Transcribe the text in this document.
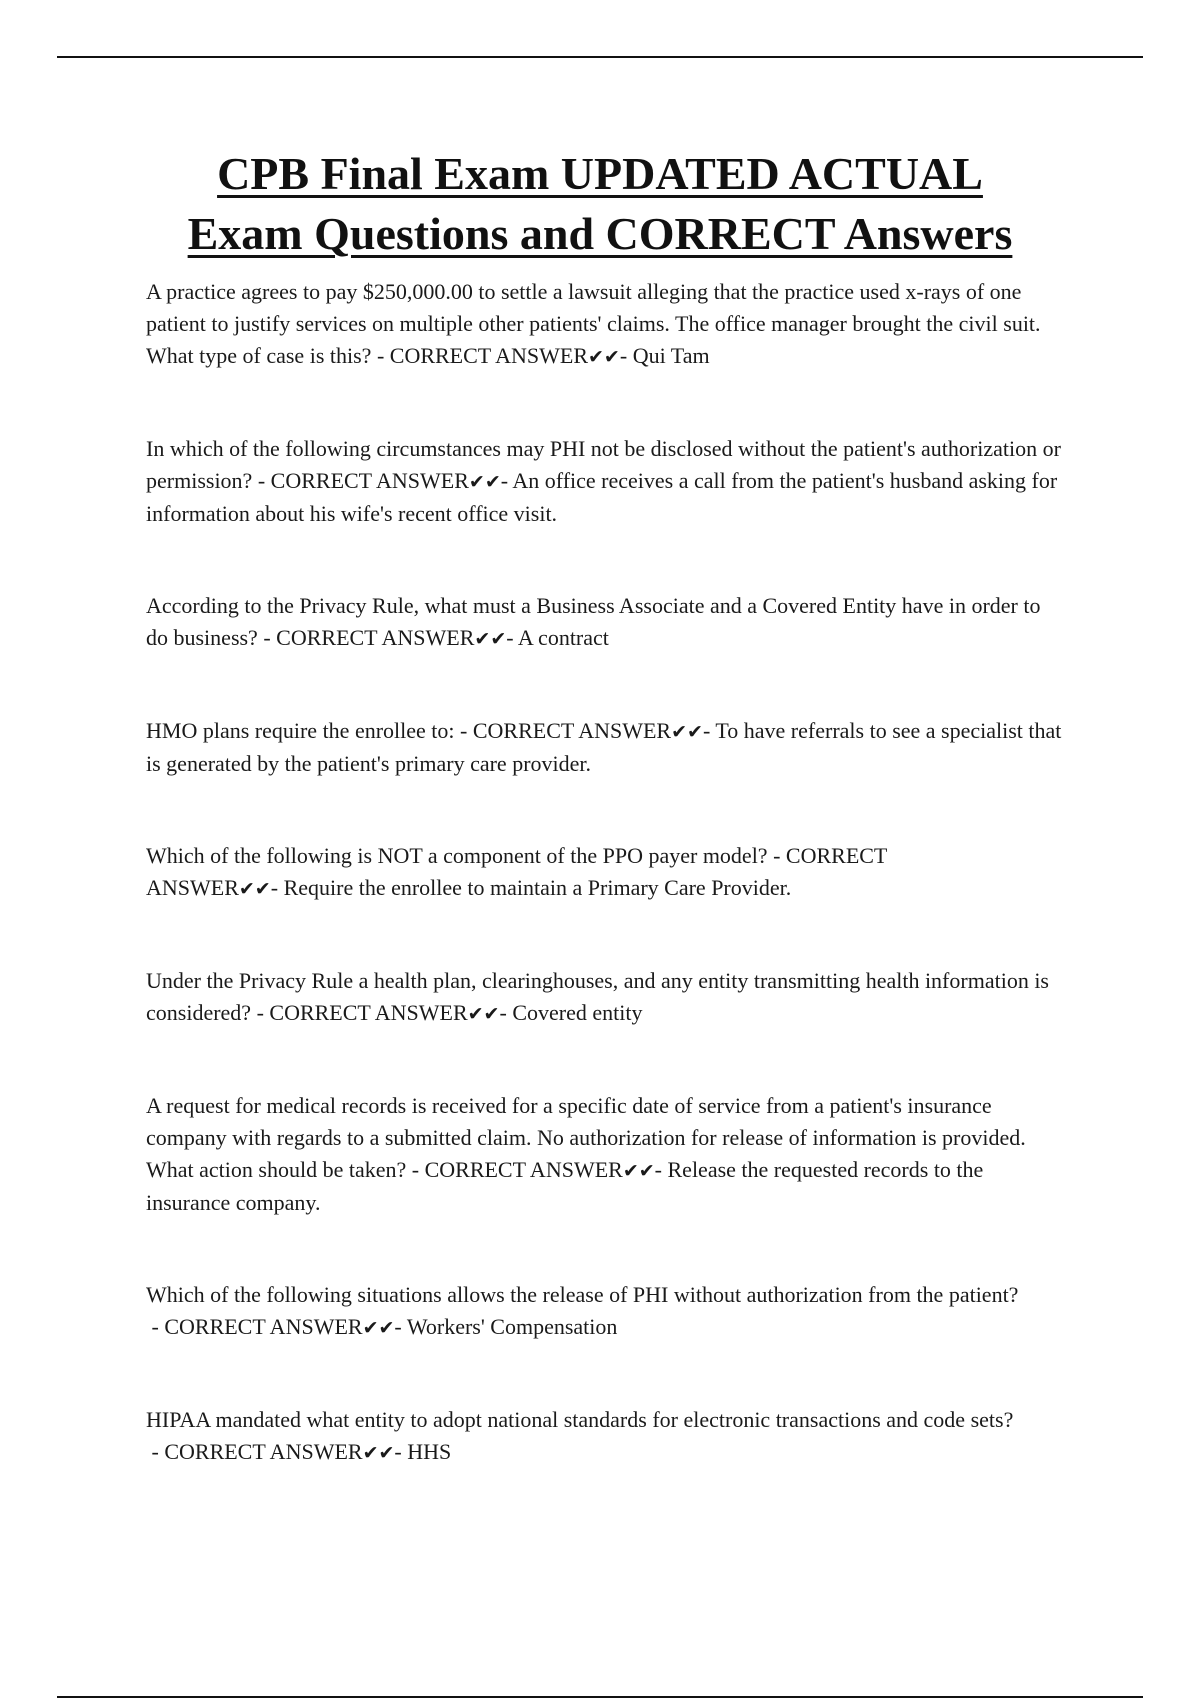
CPB Final Exam UPDATED ACTUAL
Exam Questions and CORRECT Answers

A practice agrees to pay $250,000.00 to settle a lawsuit alleging that the practice used x-rays of one patient to justify services on multiple other patients' claims. The office manager brought the civil suit. What type of case is this? - CORRECT ANSWER✔✔- Qui Tam

In which of the following circumstances may PHI not be disclosed without the patient's authorization or permission? - CORRECT ANSWER✔✔- An office receives a call from the patient's husband asking for information about his wife's recent office visit.

According to the Privacy Rule, what must a Business Associate and a Covered Entity have in order to do business? - CORRECT ANSWER✔✔- A contract

HMO plans require the enrollee to: - CORRECT ANSWER✔✔- To have referrals to see a specialist that is generated by the patient's primary care provider.

Which of the following is NOT a component of the PPO payer model? - CORRECT ANSWER✔✔- Require the enrollee to maintain a Primary Care Provider.

Under the Privacy Rule a health plan, clearinghouses, and any entity transmitting health information is considered? - CORRECT ANSWER✔✔- Covered entity

A request for medical records is received for a specific date of service from a patient's insurance company with regards to a submitted claim. No authorization for release of information is provided. What action should be taken? - CORRECT ANSWER✔✔- Release the requested records to the insurance company.

Which of the following situations allows the release of PHI without authorization from the patient? - CORRECT ANSWER✔✔- Workers' Compensation

HIPAA mandated what entity to adopt national standards for electronic transactions and code sets? - CORRECT ANSWER✔✔- HHS
